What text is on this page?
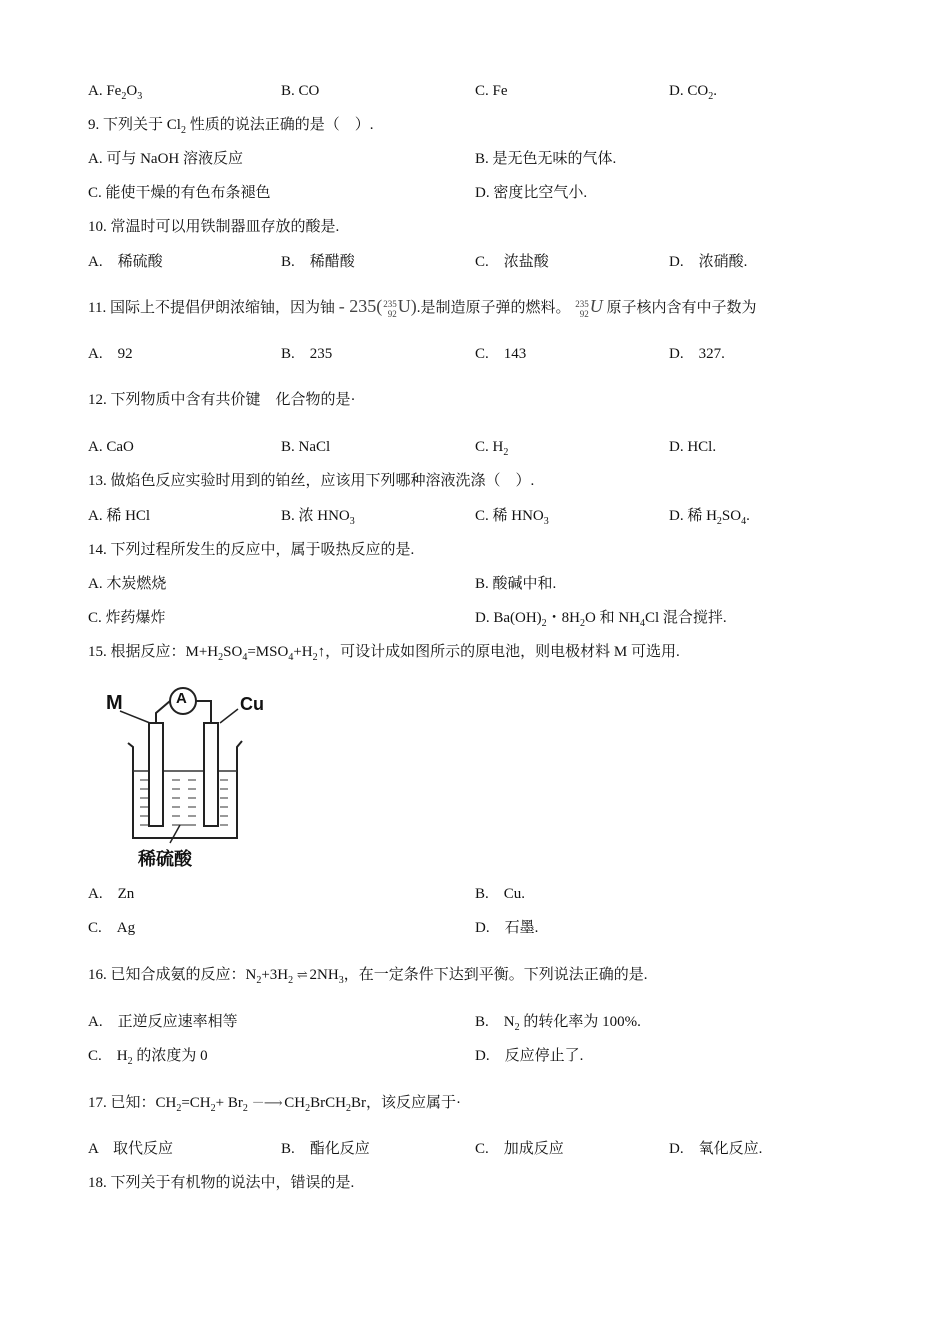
A. $Fe_2O_3$	B. CO	C. Fe	D. $CO_2$.
9. 下列关于 $Cl_2$ 性质的说法正确的是（　）.
A. 可与 NaOH 溶液反应	B. 是无色无味的气体.
C. 能使干燥的有色布条褪色	D. 密度比空气小.
10. 常温时可以用铁制器皿存放的酸是.
A.　稀硫酸	B.　稀醋酸	C.　浓盐酸	D.　浓硝酸.
11. 国际上不提倡伊朗浓缩铀，因为铀 - 235(235
92U).是制造原子弹的燃料。 235
92U 原子核内含有中子数为
A.　92	B.　235	C.　143	D.　327.
12. 下列物质中含有共价键　化合物的是·
A. CaO	B. NaCl	C. $H_2$	D. HCl.
13. 做焰色反应实验时用到的铂丝，应该用下列哪种溶液洗涤（　）.
A. 稀 HCl	B. 浓 $HNO_3$	C. 稀 $HNO_3$	D. 稀 $H_2SO_4$.
14. 下列过程所发生的反应中，属于吸热反应的是.
A. 木炭燃烧	B. 酸碱中和.
C. 炸药爆炸	D. $Ba(OH)_2$・$8H_2O$ 和 $NH_4Cl$ 混合搅拌.
15. 根据反应：$M+H_2SO_4=MSO_4+H_2↑$，可设计成如图所示的原电池，则电极材料 M 可选用.
M	A	Cu
稀硫酸
A.　Zn	B.　Cu.
C.　Ag	D.　石墨.
16. 已知合成氨的反应：$N_2+3H_2$ ⇌ $2NH_3$，在一定条件下达到平衡。下列说法正确的是.
A.　正逆反应速率相等	B.　$N_2$ 的转化率为 100%.
C.　$H_2$ 的浓度为 0	D.　反应停止了.
17. 已知：$CH_2=CH_2+ Br_2$ － ⟶ $CH_2BrCH_2Br$，该反应属于·
A　取代反应	B.　酯化反应	C.　加成反应	D.　氧化反应.
18. 下列关于有机物的说法中，错误的是.
